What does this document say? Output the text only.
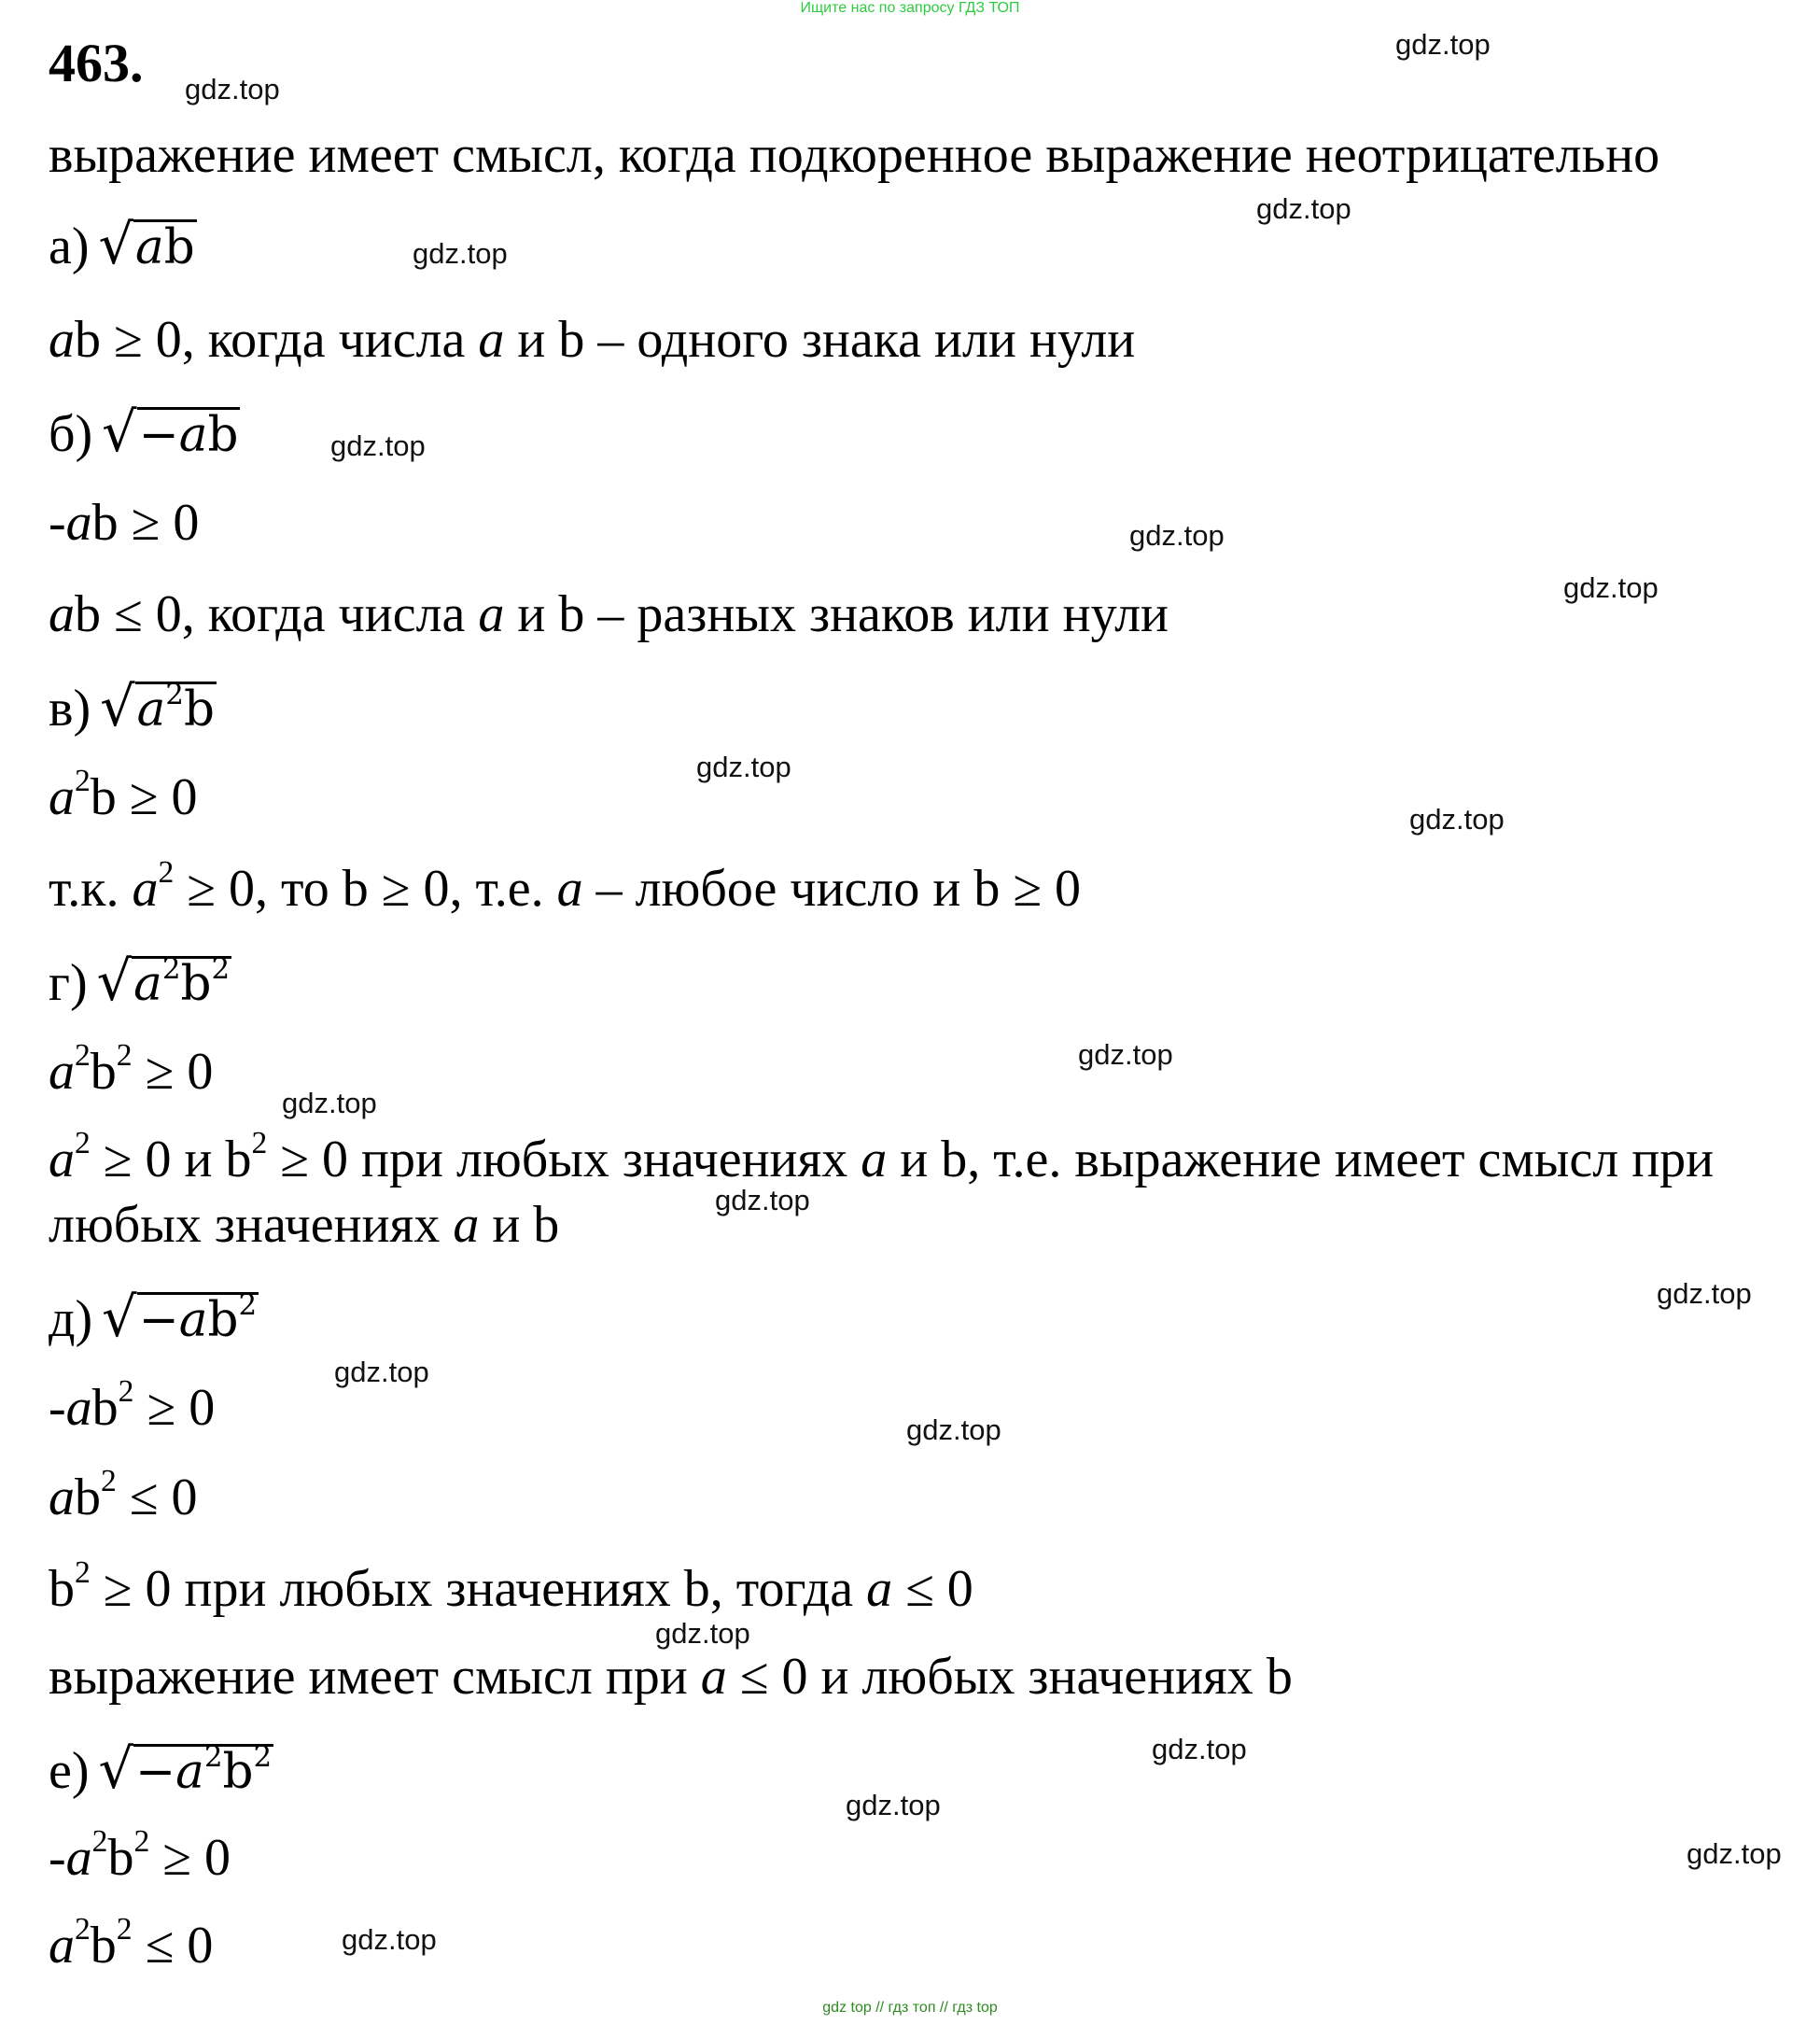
Ищите нас по запросу ГДЗ ТОП
463.
выражение имеет смысл, когда подкоренное выражение неотрицательно
а) √ab
ab ≥ 0, когда числа a и b – одного знака или нули
б) √−ab
-ab ≥ 0
ab ≤ 0, когда числа a и b – разных знаков или нули
в) $√a^2b$
$a^2b \ge 0$
т.к. $a^2 \ge 0$, то b ≥ 0, т.е. a – любое число и b ≥ 0
г) $√a^2b^2$
$a^2b^2 \ge 0$
$a^2 \ge 0$ и $b^2 \ge 0$ при любых значениях a и b, т.е. выражение имеет смысл при
любых значениях a и b
д) $√-ab^2$
$-ab^2 \ge 0$
$ab^2 \le 0$
$b^2 \ge 0$ при любых значениях b, тогда a ≤ 0
выражение имеет смысл при a ≤ 0 и любых значениях b
е) $√-a^2b^2$
$-a^2b^2 \ge 0$
$a^2b^2 \le 0$
gdz.top
gdz.top
gdz.top
gdz.top
gdz.top
gdz.top
gdz.top
gdz.top
gdz.top
gdz.top
gdz.top
gdz.top
gdz.top
gdz.top
gdz.top
gdz.top
gdz.top
gdz.top
gdz.top
gdz.top
gdz top // гдз топ // гдз top
